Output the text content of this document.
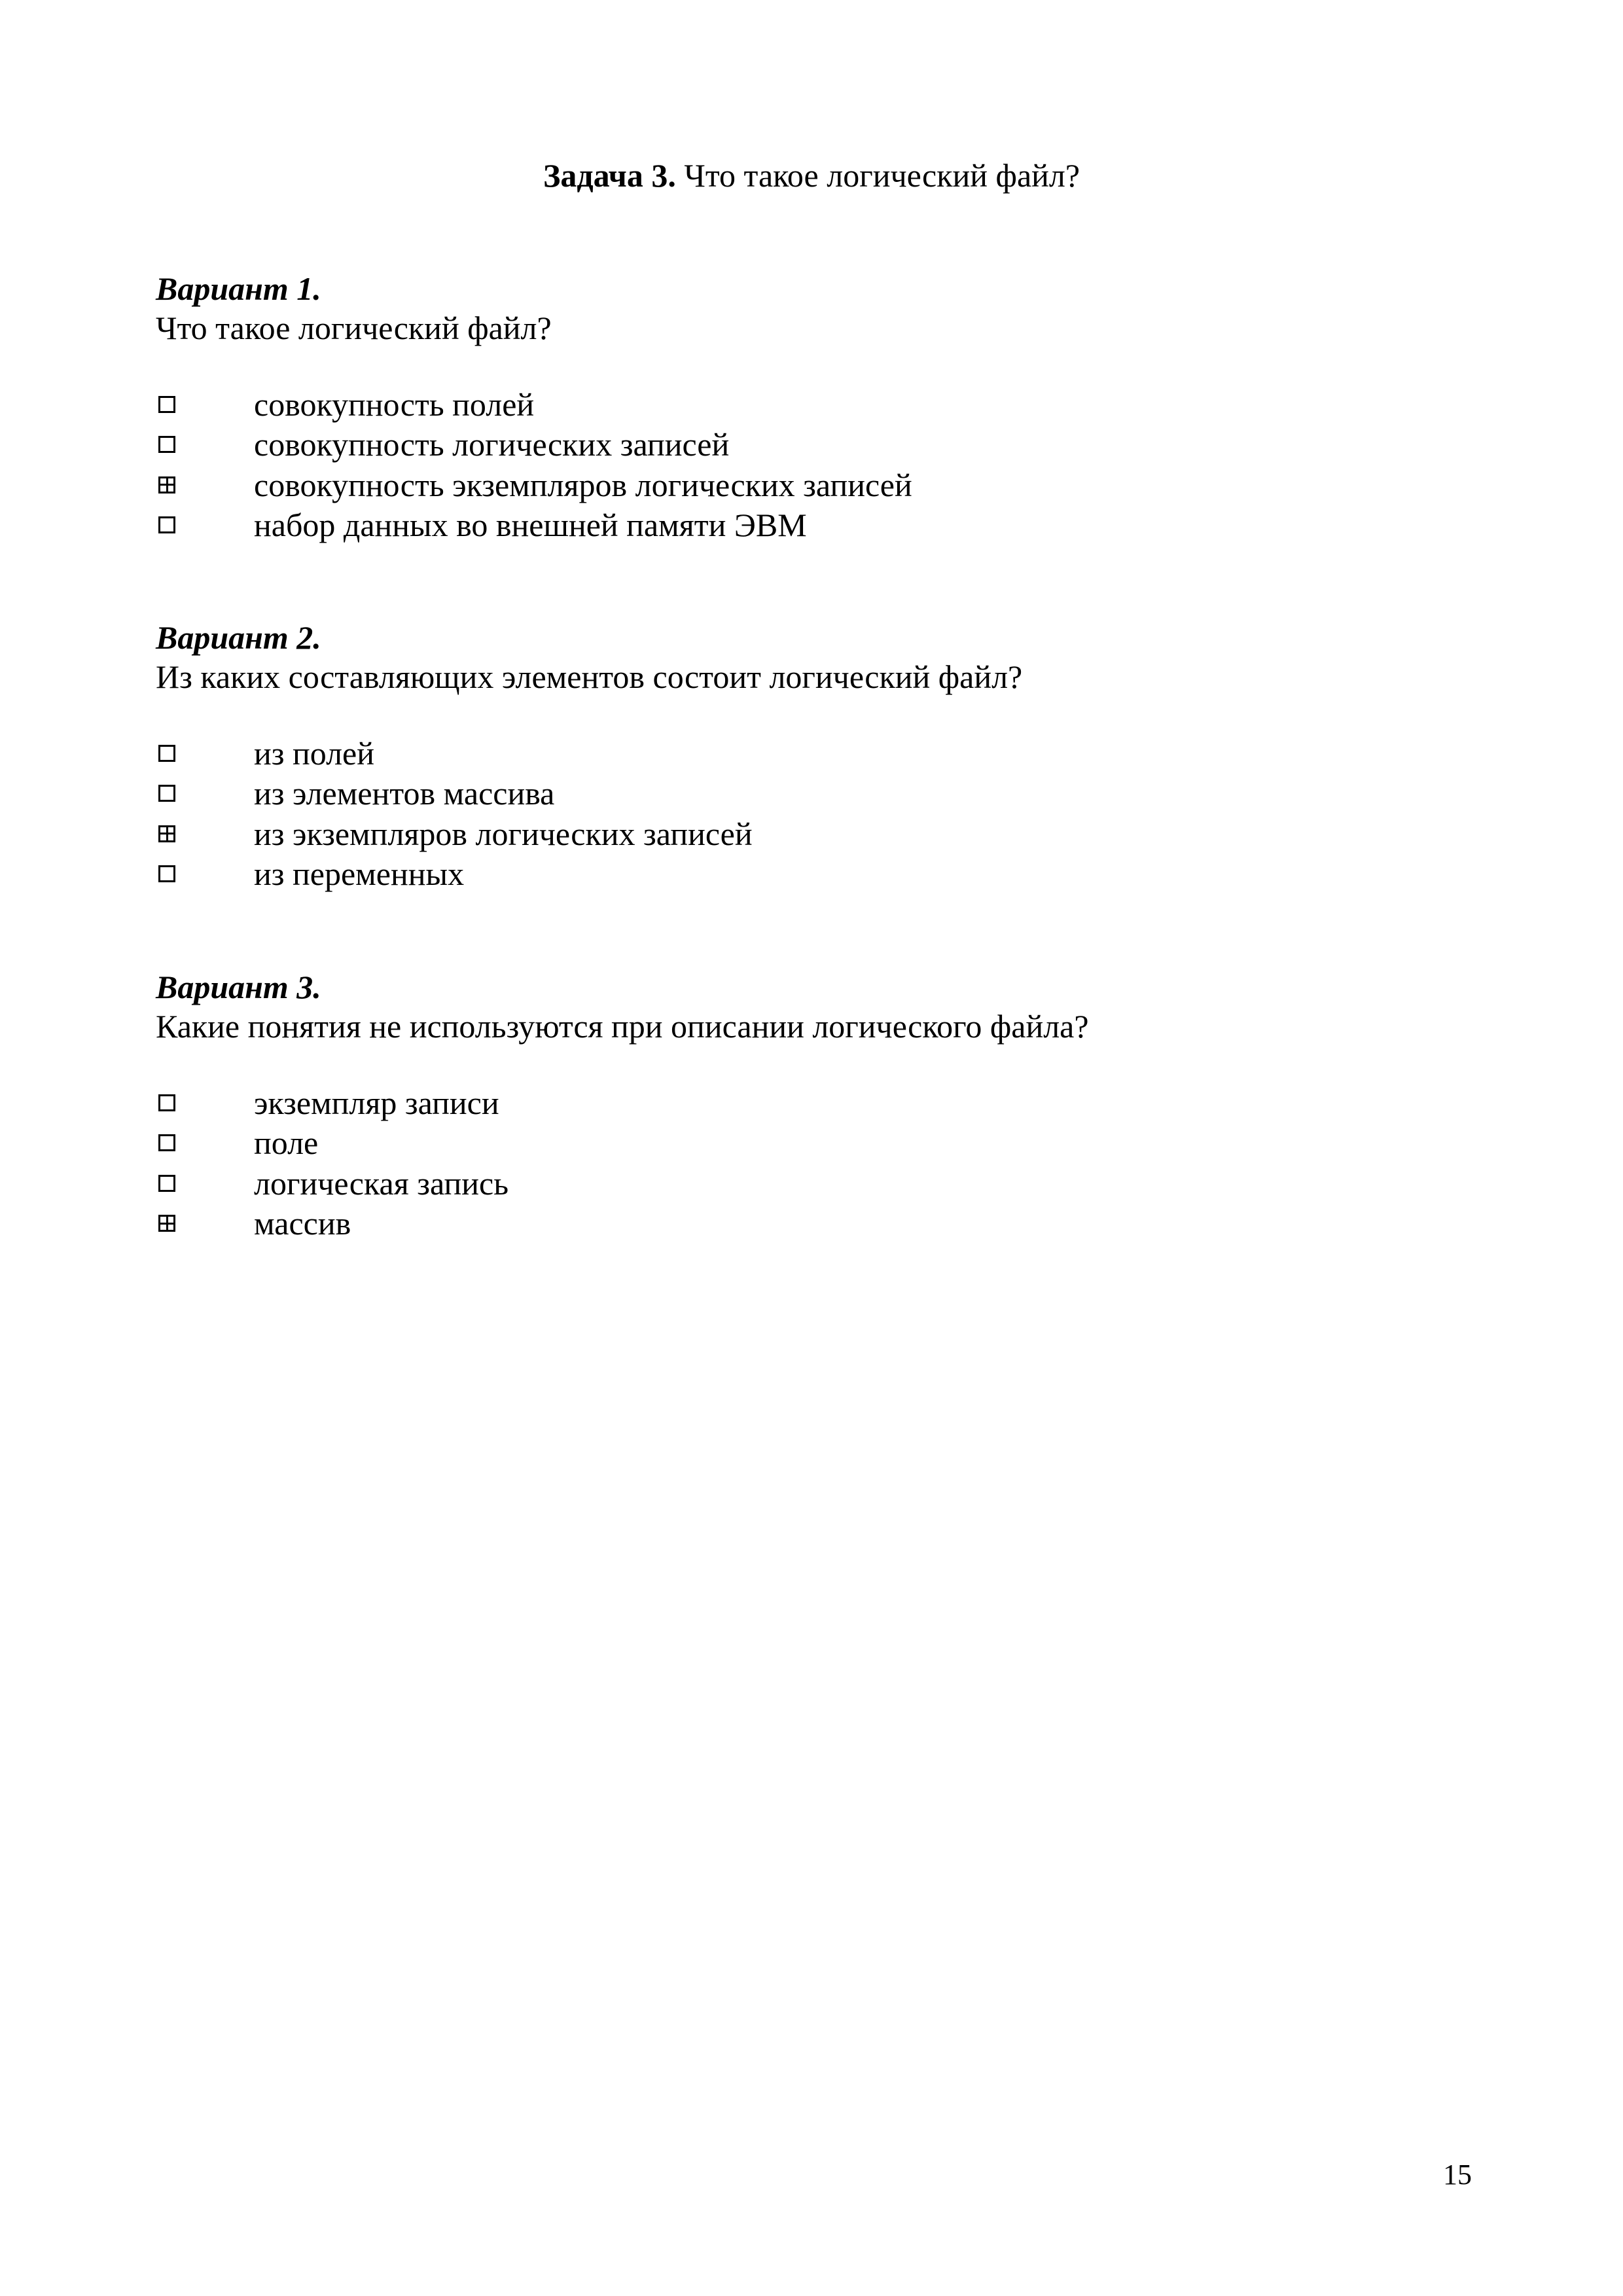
Задача 3. Что такое логический файл?
Вариант 1.
Что такое логический файл?
совокупность полей
совокупность логических записей
совокупность экземпляров логических записей
набор данных во внешней памяти ЭВМ
Вариант 2.
Из каких составляющих элементов состоит логический файл?
из полей
из элементов массива
из экземпляров логических записей
из переменных
Вариант 3.
Какие понятия не используются при описании логического файла?
экземпляр записи
поле
логическая запись
массив
15
